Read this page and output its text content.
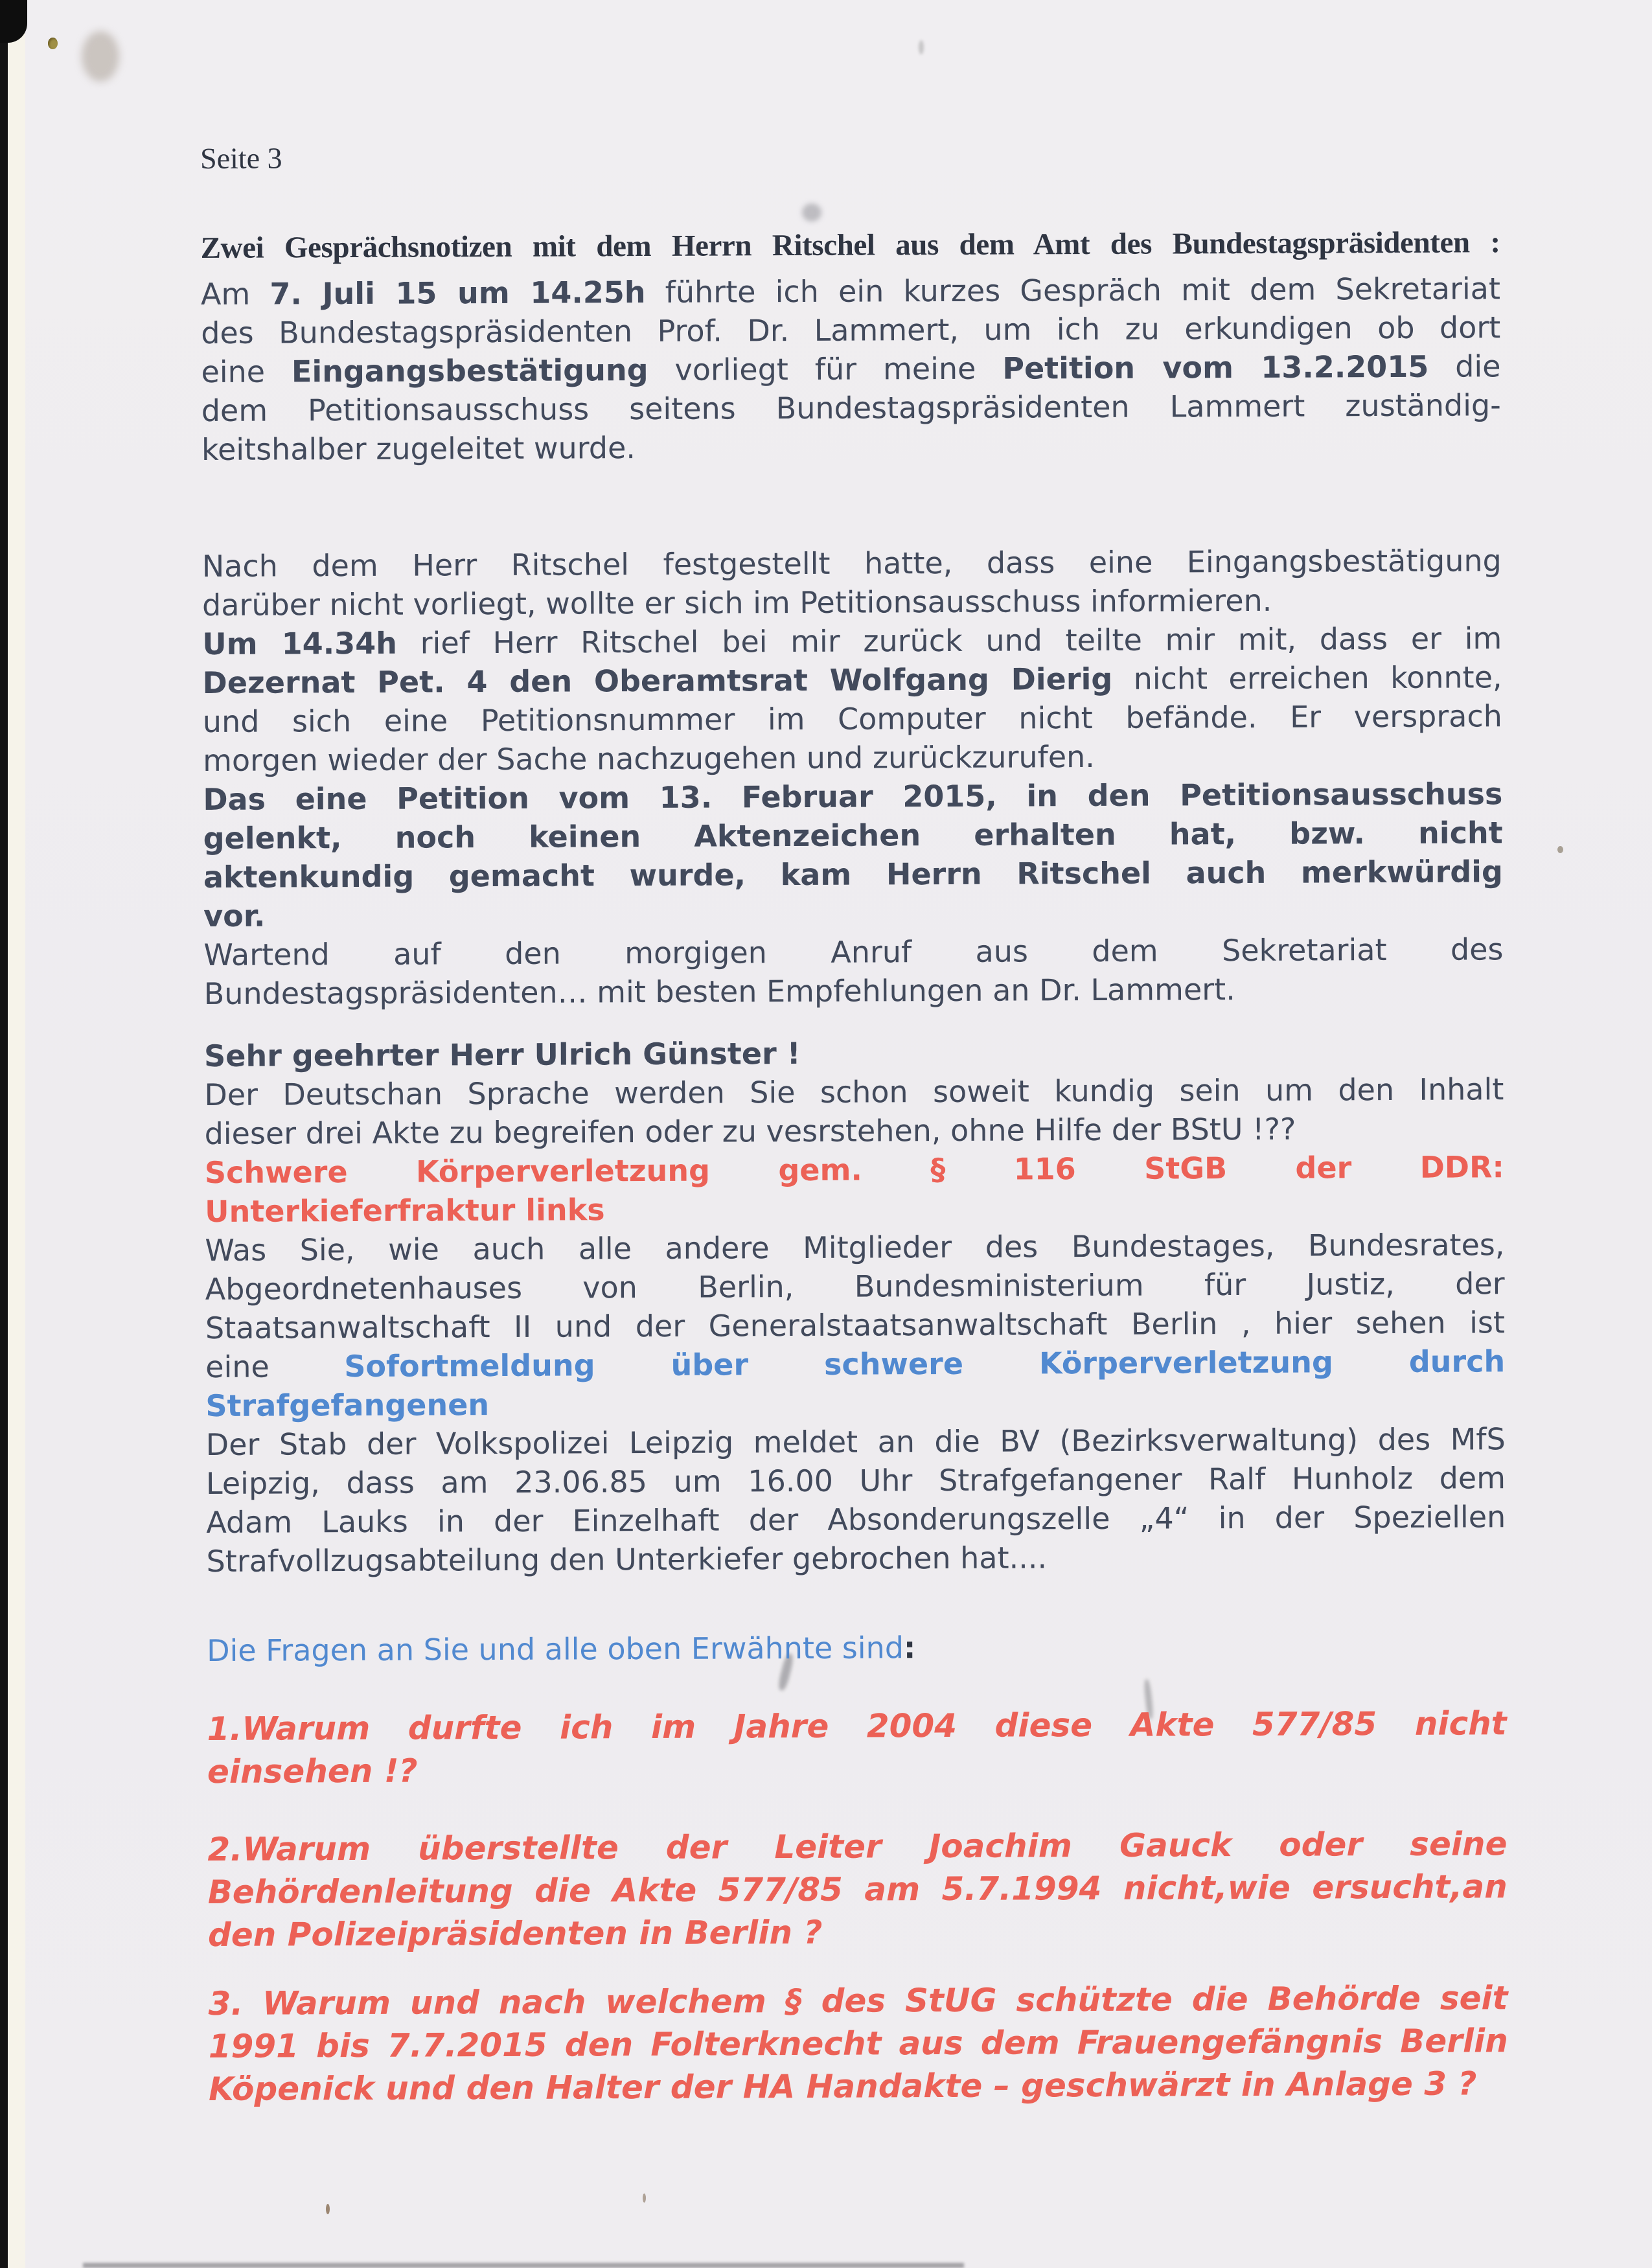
Seite 3
Zwei Gesprächsnotizen mit dem Herrn Ritschel aus dem Amt des Bundestagspräsidenten :
Am 7. Juli 15 um 14.25h führte ich ein kurzes Gespräch mit dem Sekretariat
des Bundestagspräsidenten Prof. Dr. Lammert, um ich zu erkundigen ob dort
eine Eingangsbestätigung vorliegt für meine Petition vom 13.2.2015 die
dem Petitionsausschuss seitens Bundestagspräsidenten Lammert zuständig-
keitshalber zugeleitet wurde.
Nach dem Herr Ritschel festgestellt hatte, dass eine Eingangsbestätigung
darüber nicht vorliegt, wollte er sich im Petitionsausschuss informieren.
Um 14.34h rief Herr Ritschel bei mir zurück und teilte mir mit, dass er im
Dezernat Pet. 4 den Oberamtsrat Wolfgang Dierig nicht erreichen konnte,
und sich eine Petitionsnummer im Computer nicht befände. Er versprach
morgen wieder der Sache nachzugehen und zurückzurufen.
Das eine Petition vom 13. Februar 2015, in den Petitionsausschuss
gelenkt, noch keinen Aktenzeichen erhalten hat, bzw. nicht
aktenkundig gemacht wurde, kam Herrn Ritschel auch merkwürdig
vor.
Wartend auf den morgigen Anruf aus dem Sekretariat des
Bundestagspräsidenten… mit besten Empfehlungen an Dr. Lammert.
Sehr geehrter Herr Ulrich Günster !
Der Deutschan Sprache werden Sie schon soweit kundig sein um den Inhalt
dieser drei Akte zu begreifen oder zu vesrstehen, ohne Hilfe der BStU !??
Schwere Körperverletzung gem. § 116 StGB der DDR:
Unterkieferfraktur links
Was Sie, wie auch alle andere Mitglieder des Bundestages, Bundesrates,
Abgeordnetenhauses von Berlin, Bundesministerium für Justiz, der
Staatsanwaltschaft II und der Generalstaatsanwaltschaft Berlin , hier sehen ist
eine Sofortmeldung über schwere Körperverletzung durch
Strafgefangenen
Der Stab der Volkspolizei Leipzig meldet an die BV (Bezirksverwaltung) des MfS
Leipzig, dass am 23.06.85 um 16.00 Uhr Strafgefangener Ralf Hunholz dem
Adam Lauks in der Einzelhaft der Absonderungszelle „4“ in der Speziellen
Strafvollzugsabteilung den Unterkiefer gebrochen hat....
Die Fragen an Sie und alle oben Erwähnte sind:
1.Warum durfte ich im Jahre 2004 diese Akte 577/85 nicht
einsehen !?
2.Warum überstellte der Leiter Joachim Gauck oder seine
Behördenleitung die Akte 577/85 am 5.7.1994 nicht,wie ersucht,an
den Polizeipräsidenten in Berlin ?
3. Warum und nach welchem § des StUG schützte die Behörde seit
1991 bis 7.7.2015 den Folterknecht aus dem Frauengefängnis Berlin
Köpenick und den Halter der HA Handakte – geschwärzt in Anlage 3 ?
